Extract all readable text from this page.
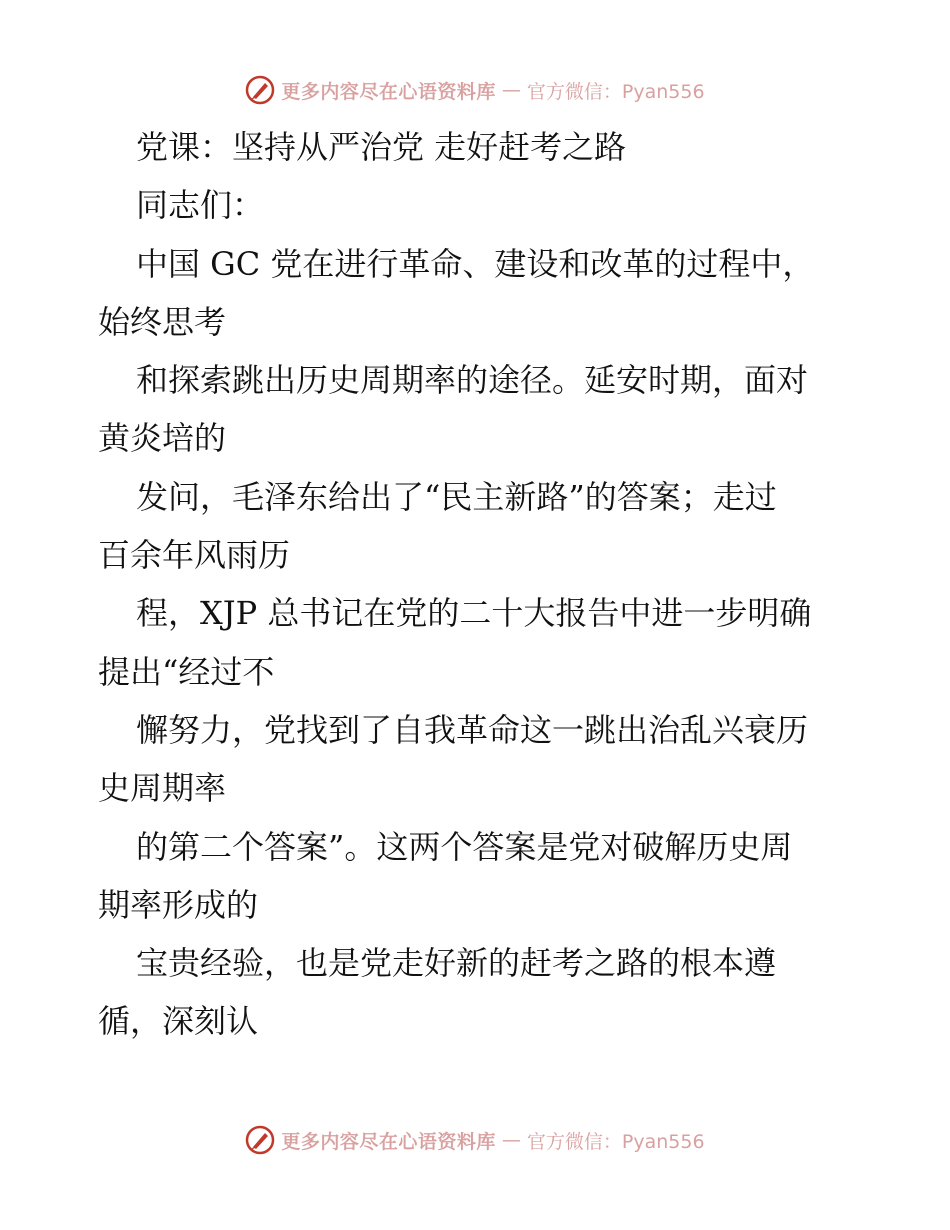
更多内容尽在心语资料库 — 官方微信：Pyan556
党课：坚持从严治党 走好赶考之路
同志们：
中国 GC 党在进行革命、建设和改革的过程中，
始终思考
和探索跳出历史周期率的途径。延安时期，面对
黄炎培的
发问，毛泽东给出了“民主新路”的答案；走过
百余年风雨历
程，XJP 总书记在党的二十大报告中进一步明确
提出“经过不
懈努力，党找到了自我革命这一跳出治乱兴衰历
史周期率
的第二个答案”。这两个答案是党对破解历史周
期率形成的
宝贵经验，也是党走好新的赶考之路的根本遵
循，深刻认
更多内容尽在心语资料库 — 官方微信：Pyan556
